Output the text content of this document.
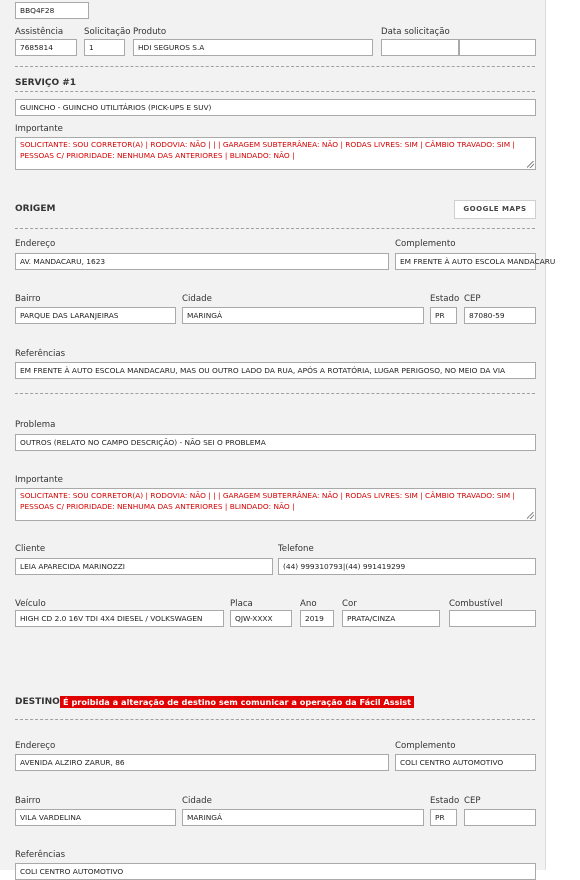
BBQ4F28
Assistência
7685814
Solicitação
1
Produto
HDI SEGUROS S.A
Data solicitação
SERVIÇO #1
GUINCHO - GUINCHO UTILITÁRIOS (PICK-UPS E SUV)
Importante
SOLICITANTE: SOU CORRETOR(A) | RODOVIA: NÃO | | | GARAGEM SUBTERRÂNEA: NÃO | RODAS LIVRES: SIM | CÂMBIO TRAVADO: SIM | PESSOAS C/ PRIORIDADE: NENHUMA DAS ANTERIORES | BLINDADO: NÃO |
ORIGEM	GOOGLE MAPS
Endereço
AV. MANDACARU, 1623
Complemento
EM FRENTE À AUTO ESCOLA MANDACARU
Bairro
PARQUE DAS LARANJEIRAS
Cidade
MARINGÁ
Estado
PR
CEP
87080-59
Referências
EM FRENTE À AUTO ESCOLA MANDACARU, MAS OU OUTRO LADO DA RUA, APÓS A ROTATÓRIA, LUGAR PERIGOSO, NO MEIO DA VIA
Problema
OUTROS (RELATO NO CAMPO DESCRIÇÃO) - NÃO SEI O PROBLEMA
Importante
SOLICITANTE: SOU CORRETOR(A) | RODOVIA: NÃO | | | GARAGEM SUBTERRÂNEA: NÃO | RODAS LIVRES: SIM | CÂMBIO TRAVADO: SIM | PESSOAS C/ PRIORIDADE: NENHUMA DAS ANTERIORES | BLINDADO: NÃO |
Cliente
LEIA APARECIDA MARINOZZI
Telefone
(44) 999310793|(44) 991419299
Veículo
HIGH CD 2.0 16V TDI 4X4 DIESEL / VOLKSWAGEN
Placa
QJW-XXXX
Ano
2019
Cor
PRATA/CINZA
Combustível
DESTINO É proibida a alteração de destino sem comunicar a operação da Fácil Assist
Endereço
AVENIDA ALZIRO ZARUR, 86
Complemento
COLI CENTRO AUTOMOTIVO
Bairro
VILA VARDELINA
Cidade
MARINGÁ
Estado
PR
CEP
Referências
COLI CENTRO AUTOMOTIVO
